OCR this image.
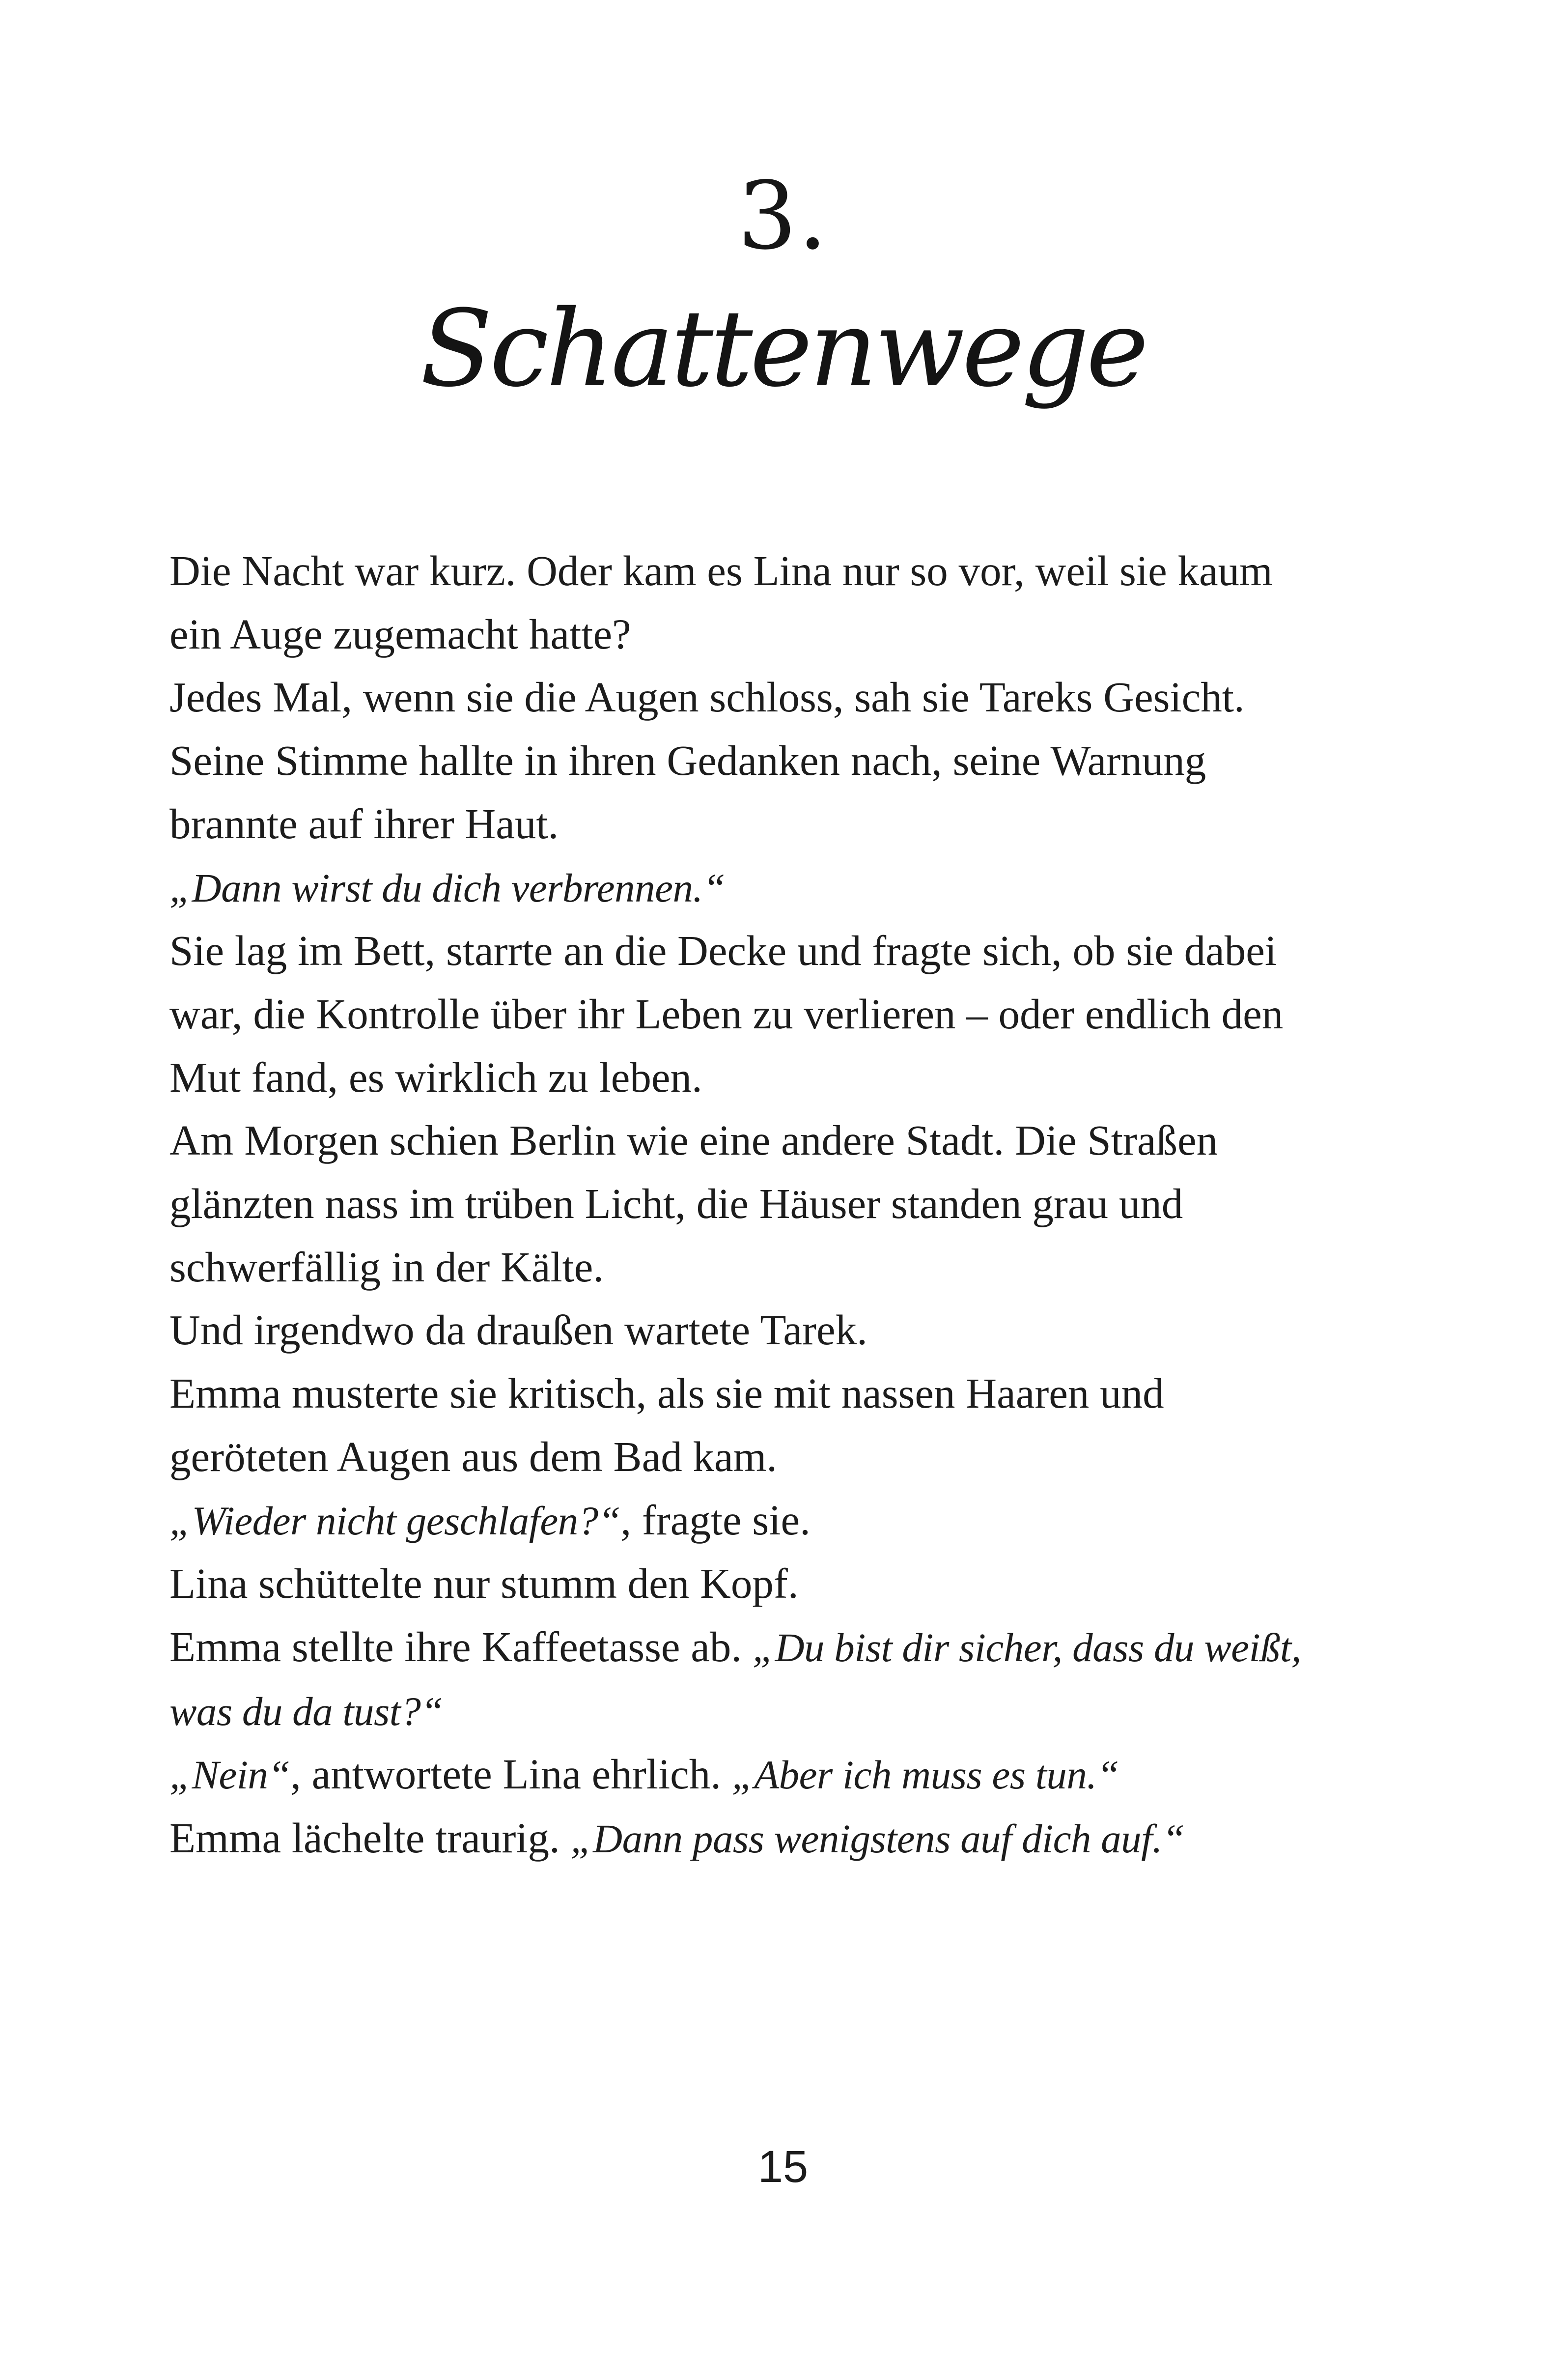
3.
Schattenwege

Die Nacht war kurz. Oder kam es Lina nur so vor, weil sie kaum

ein Auge zugemacht hatte?

Jedes Mal, wenn sie die Augen schloss, sah sie Tareks Gesicht.

Seine Stimme hallte in ihren Gedanken nach, seine Warnung

brannte auf ihrer Haut.

„Dann wirst du dich verbrennen.“

Sie lag im Bett, starrte an die Decke und fragte sich, ob sie dabei

war, die Kontrolle über ihr Leben zu verlieren – oder endlich den

Mut fand, es wirklich zu leben.

Am Morgen schien Berlin wie eine andere Stadt. Die Straßen

glänzten nass im trüben Licht, die Häuser standen grau und

schwerfällig in der Kälte.

Und irgendwo da draußen wartete Tarek.

Emma musterte sie kritisch, als sie mit nassen Haaren und

geröteten Augen aus dem Bad kam.

„Wieder nicht geschlafen?“, fragte sie.

Lina schüttelte nur stumm den Kopf.

Emma stellte ihre Kaffeetasse ab. „Du bist dir sicher, dass du weißt,

was du da tust?“

„Nein“, antwortete Lina ehrlich. „Aber ich muss es tun.“

Emma lächelte traurig. „Dann pass wenigstens auf dich auf.“

15
